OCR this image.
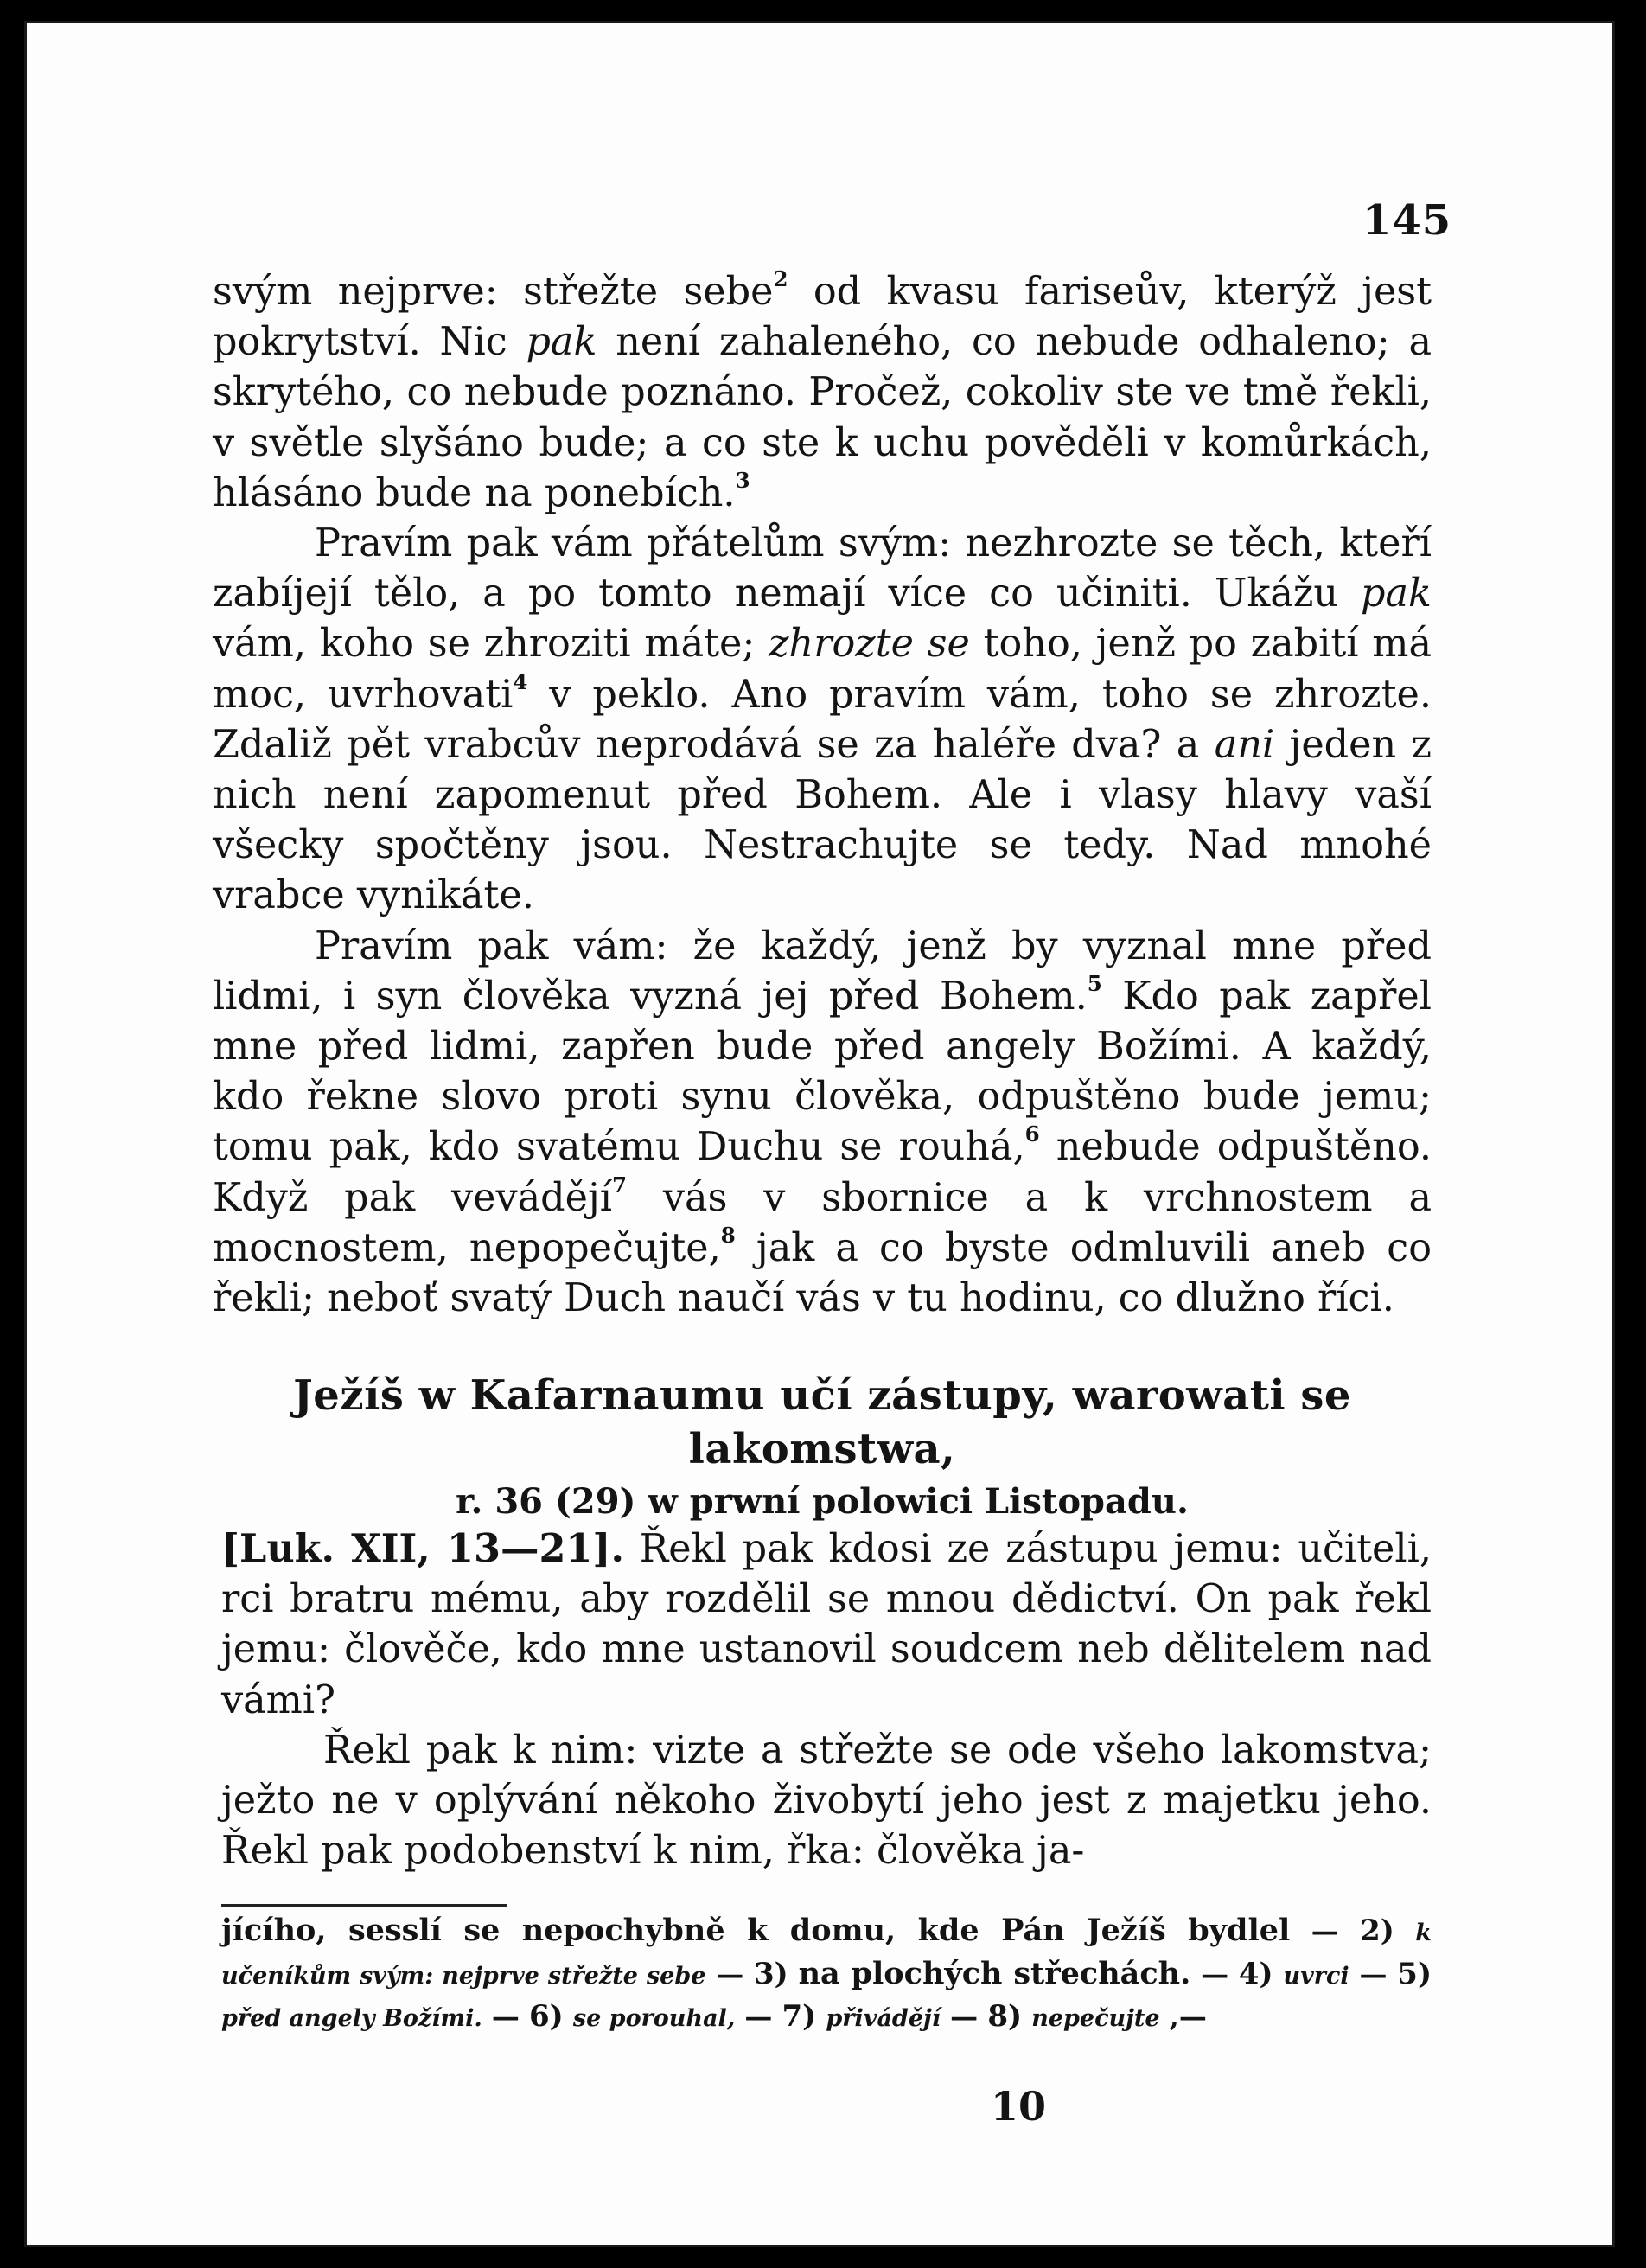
145

svým nejprve: střežte sebe$^2$ od kvasu fariseův, kterýž jest pokrytství. Nic pak není zahaleného, co nebude odhaleno; a skrytého, co nebude poznáno. Pročež, cokoliv ste ve tmě řekli, v světle slyšáno bude; a co ste k uchu pověděli v komůrkách, hlásáno bude na ponebích.$^3$

Pravím pak vám přátelům svým: nezhrozte se těch, kteří zabíjejí tělo, a po tomto nemají více co učiniti. Ukážu pak vám, koho se zhroziti máte; zhrozte se toho, jenž po zabití má moc, uvrhovati$^4$ v peklo. Ano pravím vám, toho se zhrozte. Zdaliž pět vrabcův neprodává se za haléře dva? a ani jeden z nich není zapomenut před Bohem. Ale i vlasy hlavy vaší všecky spočtěny jsou. Nestrachujte se tedy. Nad mnohé vrabce vynikáte.

Pravím pak vám: že každý, jenž by vyznal mne před lidmi, i syn člověka vyzná jej před Bohem.$^5$ Kdo pak zapřel mne před lidmi, zapřen bude před angely Božími. A každý, kdo řekne slovo proti synu člověka, odpuštěno bude jemu; tomu pak, kdo svatému Duchu se rouhá,$^6$ nebude odpuštěno. Když pak vevádějí$^7$ vás v sbornice a k vrchnostem a mocnostem, nepopečujte,$^8$ jak a co byste odmluvili aneb co řekli; neboť svatý Duch naučí vás v tu hodinu, co dlužno říci.

Ježíš w Kafarnaumu učí zástupy, warowati se lakomstwa,
r. 36 (29) w prwní polowici Listopadu.

[Luk. XII, 13—21]. Řekl pak kdosi ze zástupu jemu: učiteli, rci bratru mému, aby rozdělil se mnou dědictví. On pak řekl jemu: člověče, kdo mne ustanovil soudcem neb dělitelem nad vámi?

Řekl pak k nim: vizte a střežte se ode všeho lakomstva; ježto ne v oplývání někoho živobytí jeho jest z majetku jeho. Řekl pak podobenství k nim, řka: člověka ja-

jícího, sesslí se nepochybně k domu, kde Pán Ježíš bydlel — 2) k učeníkům svým: nejprve střežte sebe — 3) na plochých střechách. — 4) uvrci — 5) před angely Božími. — 6) se porouhal, — 7) přivádějí — 8) nepečujte ,—
10
